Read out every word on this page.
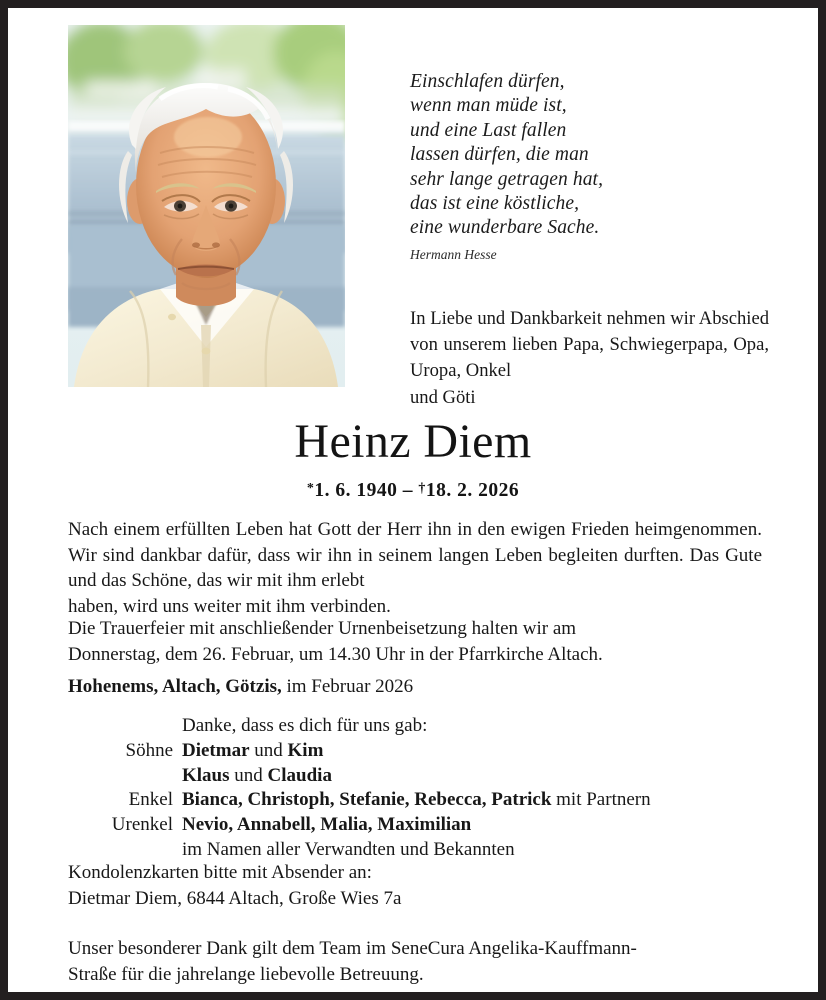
Einschlafen dürfen,
wenn man müde ist,
und eine Last fallen
lassen dürfen, die man
sehr lange getragen hat,
das ist eine köstliche,
eine wunderbare Sache.
Hermann Hesse
In Liebe und Dankbarkeit nehmen wir Abschied von unserem lieben Papa, Schwiegerpapa, Opa, Uropa, Onkel
und Göti
Heinz Diem
*1. 6. 1940 – †18. 2. 2026
Nach einem erfüllten Leben hat Gott der Herr ihn in den ewigen Frieden heimgenommen. Wir sind dankbar dafür, dass wir ihn in seinem langen Leben begleiten durften. Das Gute und das Schöne, das wir mit ihm erlebt
haben, wird uns weiter mit ihm verbinden.
Die Trauerfeier mit anschließender Urnenbeisetzung halten wir am
Donnerstag, dem 26. Februar, um 14.30 Uhr in der Pfarrkirche Altach.
Hohenems, Altach, Götzis, im Februar 2026
Danke, dass es dich für uns gab:
Söhne Dietmar und Kim
Klaus und Claudia
Enkel Bianca, Christoph, Stefanie, Rebecca, Patrick mit Partnern
Urenkel Nevio, Annabell, Malia, Maximilian
im Namen aller Verwandten und Bekannten
Kondolenzkarten bitte mit Absender an:
Dietmar Diem, 6844 Altach, Große Wies 7a
Unser besonderer Dank gilt dem Team im SeneCura Angelika-Kauffmann-
Straße für die jahrelange liebevolle Betreuung.
